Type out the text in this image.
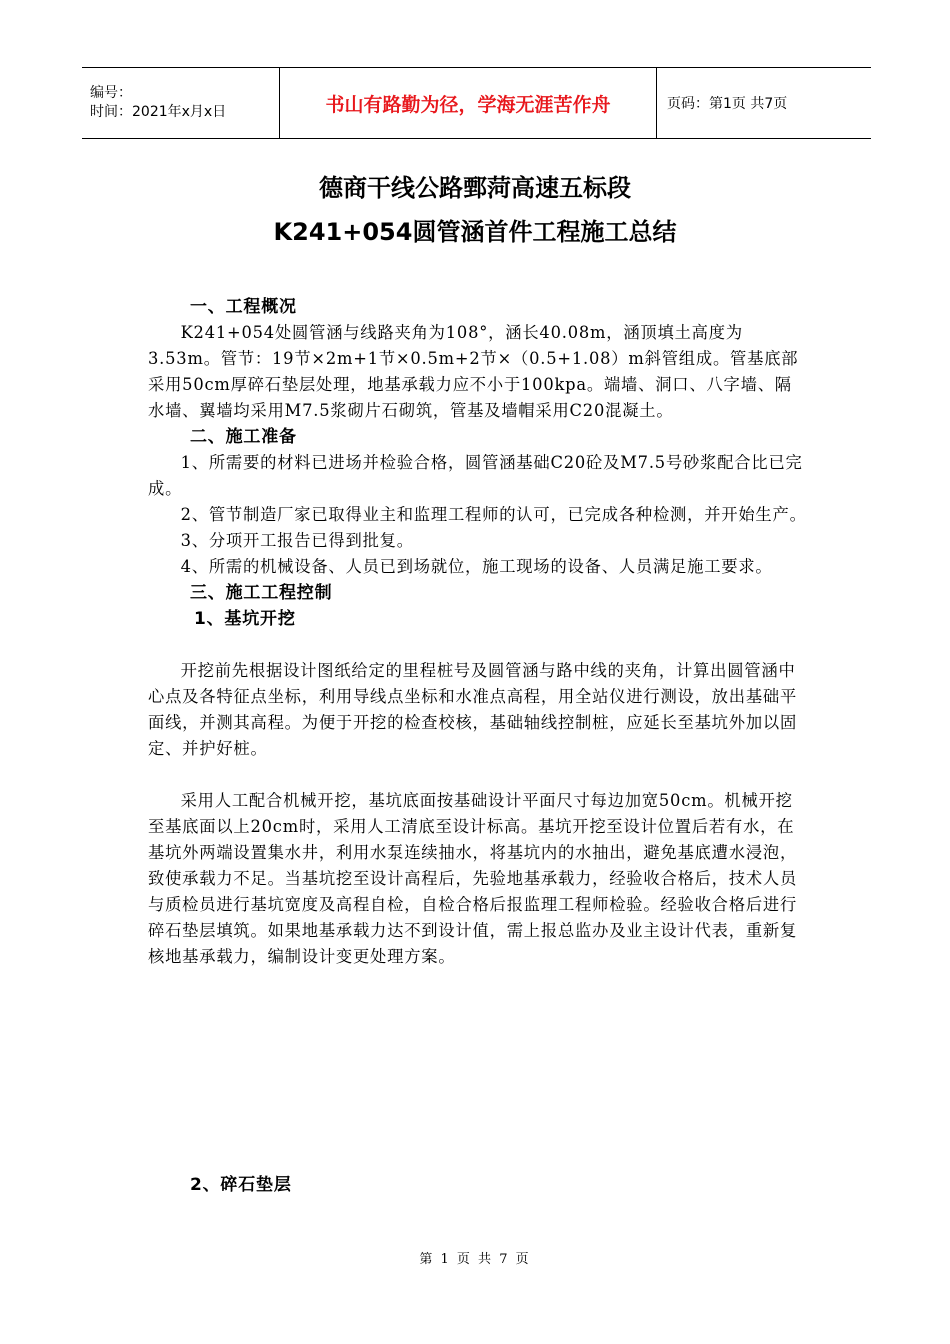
编号：
时间：2021年x月x日	书山有路勤为径，学海无涯苦作舟	页码：第1页 共7页
德商干线公路鄄菏高速五标段
K241+054圆管涵首件工程施工总结

一、工程概况

K241+054处圆管涵与线路夹角为108°，涵长40.08m，涵顶填土高度为3.53m。管节：19节×2m+1节×0.5m+2节×（0.5+1.08）m斜管组成。管基底部采用50cm厚碎石垫层处理，地基承载力应不小于100kpa。端墙、洞口、八字墙、隔水墙、翼墙均采用M7.5浆砌片石砌筑，管基及墙帽采用C20混凝土。

二、施工准备

1、所需要的材料已进场并检验合格，圆管涵基础C20砼及M7.5号砂浆配合比已完成。

2、管节制造厂家已取得业主和监理工程师的认可，已完成各种检测，并开始生产。

3、分项开工报告已得到批复。

4、所需的机械设备、人员已到场就位，施工现场的设备、人员满足施工要求。

三、施工工程控制

1、基坑开挖

开挖前先根据设计图纸给定的里程桩号及圆管涵与路中线的夹角，计算出圆管涵中心点及各特征点坐标，利用导线点坐标和水准点高程，用全站仪进行测设，放出基础平面线，并测其高程。为便于开挖的检查校核，基础轴线控制桩，应延长至基坑外加以固定、并护好桩。

采用人工配合机械开挖，基坑底面按基础设计平面尺寸每边加宽50cm。机械开挖至基底面以上20cm时，采用人工清底至设计标高。基坑开挖至设计位置后若有水，在基坑外两端设置集水井，利用水泵连续抽水，将基坑内的水抽出，避免基底遭水浸泡，致使承载力不足。当基坑挖至设计高程后，先验地基承载力，经验收合格后，技术人员与质检员进行基坑宽度及高程自检，自检合格后报监理工程师检验。经验收合格后进行碎石垫层填筑。如果地基承载力达不到设计值，需上报总监办及业主设计代表，重新复核地基承载力，编制设计变更处理方案。

2、碎石垫层

第 1 页 共 7 页
